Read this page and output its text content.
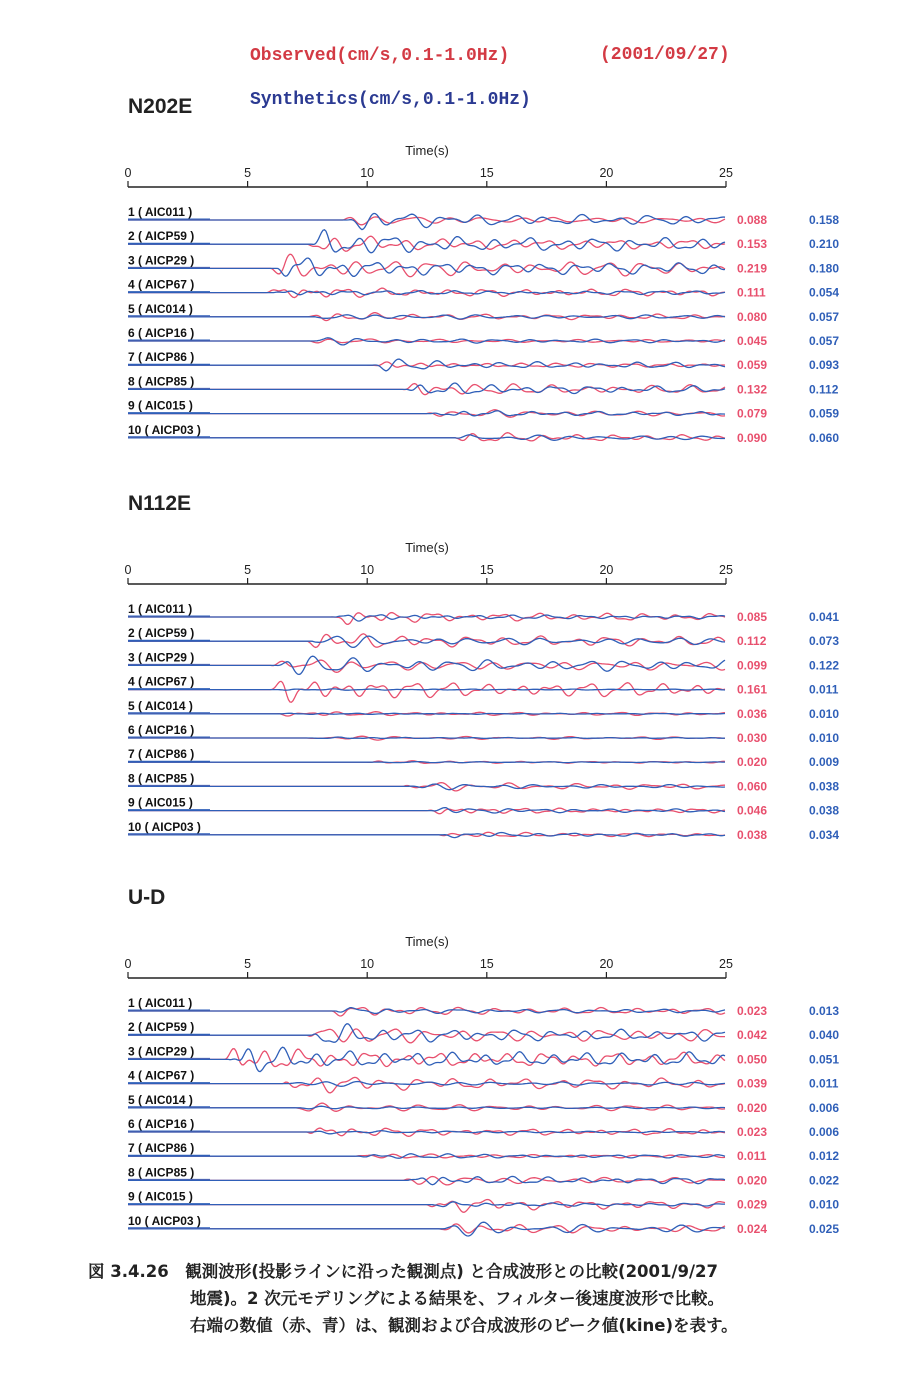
Observed(cm/s,0.1-1.0Hz)	(2001/09/27)
Synthetics(cm/s,0.1-1.0Hz)
N202E
Time(s)
0	5	10	15	20	25
1 ( AIC011 )
0.088	0.158
2 ( AICP59 )
0.153	0.210
3 ( AICP29 )
0.219	0.180
4 ( AICP67 )
0.111	0.054
5 ( AIC014 )
0.080	0.057
6 ( AICP16 )
0.045	0.057
7 ( AICP86 )
0.059	0.093
8 ( AICP85 )
0.132	0.112
9 ( AIC015 )
0.079	0.059
10 ( AICP03 )
0.090	0.060
N112E
Time(s)
0	5	10	15	20	25
1 ( AIC011 )
0.085	0.041
2 ( AICP59 )
0.112	0.073
3 ( AICP29 )
0.099	0.122
4 ( AICP67 )
0.161	0.011
5 ( AIC014 )
0.036	0.010
6 ( AICP16 )
0.030	0.010
7 ( AICP86 )
0.020	0.009
8 ( AICP85 )
0.060	0.038
9 ( AIC015 )
0.046	0.038
10 ( AICP03 )
0.038	0.034
U-D
Time(s)
0	5	10	15	20	25
1 ( AIC011 )
0.023	0.013
2 ( AICP59 )
0.042	0.040
3 ( AICP29 )
0.050	0.051
4 ( AICP67 )
0.039	0.011
5 ( AIC014 )
0.020	0.006
6 ( AICP16 )
0.023	0.006
7 ( AICP86 )
0.011	0.012
8 ( AICP85 )
0.020	0.022
9 ( AIC015 )
0.029	0.010
10 ( AICP03 )
0.024	0.025
図 3.4.26　観測波形(投影ラインに沿った観測点) と合成波形との比較(2001/9/27
地震)。2 次元モデリングによる結果を、フィルター後速度波形で比較。
右端の数値（赤、青）は、観測および合成波形のピーク値(kine)を表す。
